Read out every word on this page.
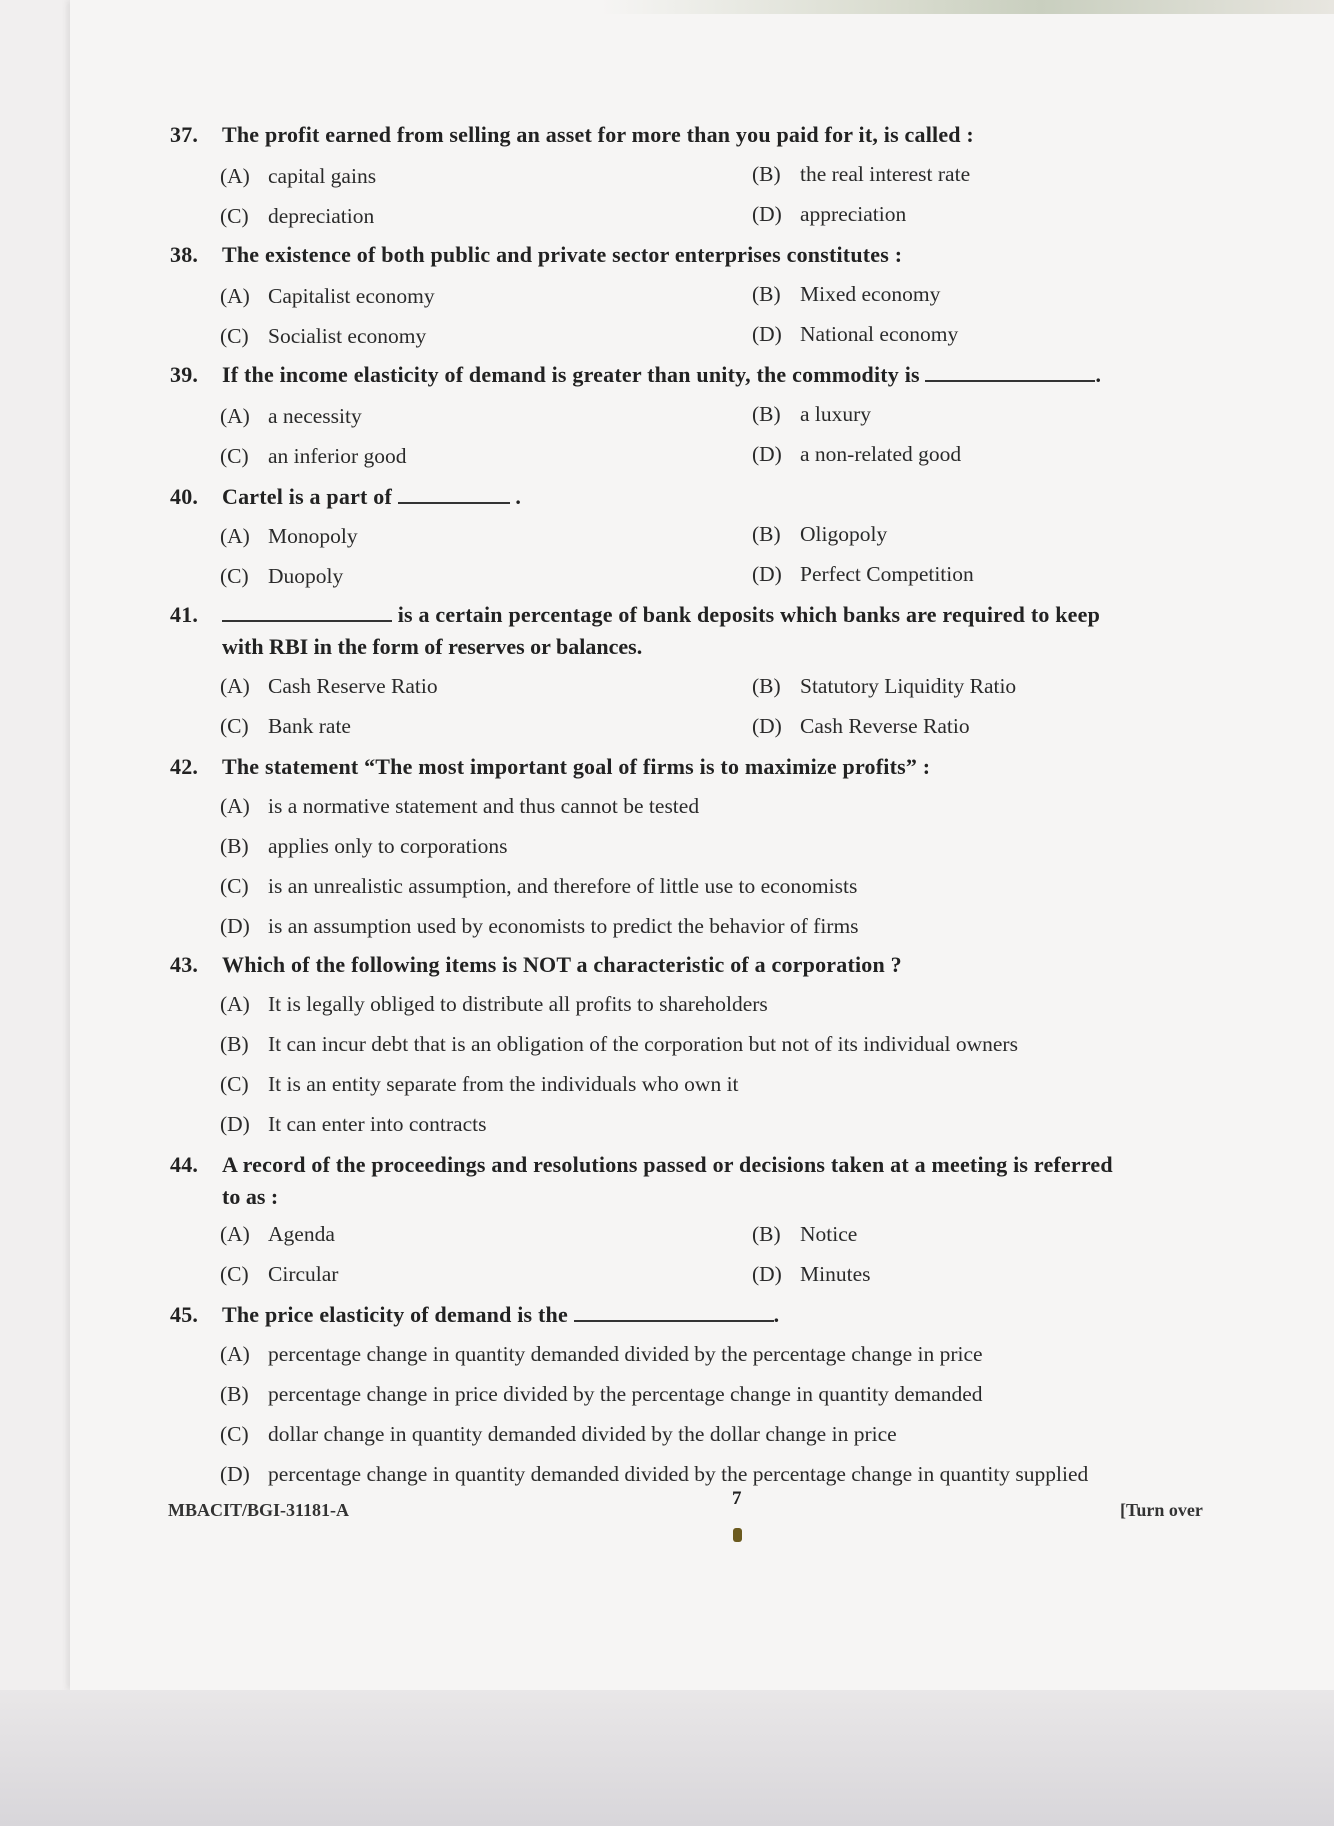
37. The profit earned from selling an asset for more than you paid for it, is called :
(A) capital gains	(B) the real interest rate
(C) depreciation	(D) appreciation
38. The existence of both public and private sector enterprises constitutes :
(A) Capitalist economy	(B) Mixed economy
(C) Socialist economy	(D) National economy
39. If the income elasticity of demand is greater than unity, the commodity is	.
(A) a necessity	(B) a luxury
(C) an inferior good	(D) a non-related good
40. Cartel is a part of	.
(A) Monopoly	(B) Oligopoly
(C) Duopoly	(D) Perfect Competition
41.	is a certain percentage of bank deposits which banks are required to keep
with RBI in the form of reserves or balances.
(A) Cash Reserve Ratio	(B) Statutory Liquidity Ratio
(C) Bank rate	(D) Cash Reverse Ratio
42. The statement “The most important goal of firms is to maximize profits” :
(A) is a normative statement and thus cannot be tested
(B) applies only to corporations
(C) is an unrealistic assumption, and therefore of little use to economists
(D) is an assumption used by economists to predict the behavior of firms
43. Which of the following items is NOT a characteristic of a corporation ?
(A) It is legally obliged to distribute all profits to shareholders
(B) It can incur debt that is an obligation of the corporation but not of its individual owners
(C) It is an entity separate from the individuals who own it
(D) It can enter into contracts
44. A record of the proceedings and resolutions passed or decisions taken at a meeting is referred
to as :
(A) Agenda	(B) Notice
(C) Circular	(D) Minutes
45. The price elasticity of demand is the	.
(A) percentage change in quantity demanded divided by the percentage change in price
(B) percentage change in price divided by the percentage change in quantity demanded
(C) dollar change in quantity demanded divided by the dollar change in price
(D) percentage change in quantity demanded divided by the percentage change in quantity supplied
MBACIT/BGI-31181-A
7
[Turn over
